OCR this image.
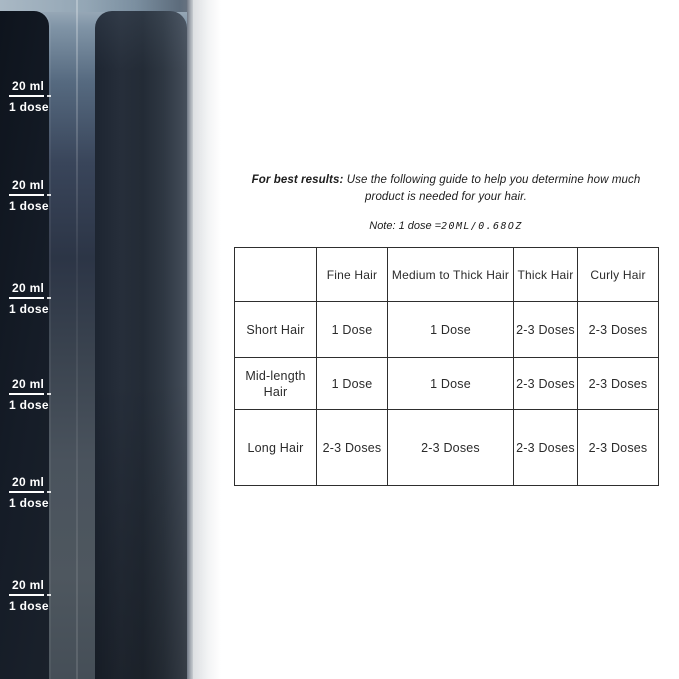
20 ml
1 dose
20 ml
1 dose
20 ml
1 dose
20 ml
1 dose
20 ml
1 dose
20 ml
1 dose

For best results: Use the following guide to help you determine how much product is needed for your hair.

Note: 1 dose =20ML/0.68OZ

	Fine Hair	Medium to Thick Hair	Thick Hair	Curly Hair
Short Hair	1 Dose	1 Dose	2-3 Doses	2-3 Doses
Mid-length Hair	1 Dose	1 Dose	2-3 Doses	2-3 Doses
Long Hair	2-3 Doses	2-3 Doses	2-3 Doses	2-3 Doses
